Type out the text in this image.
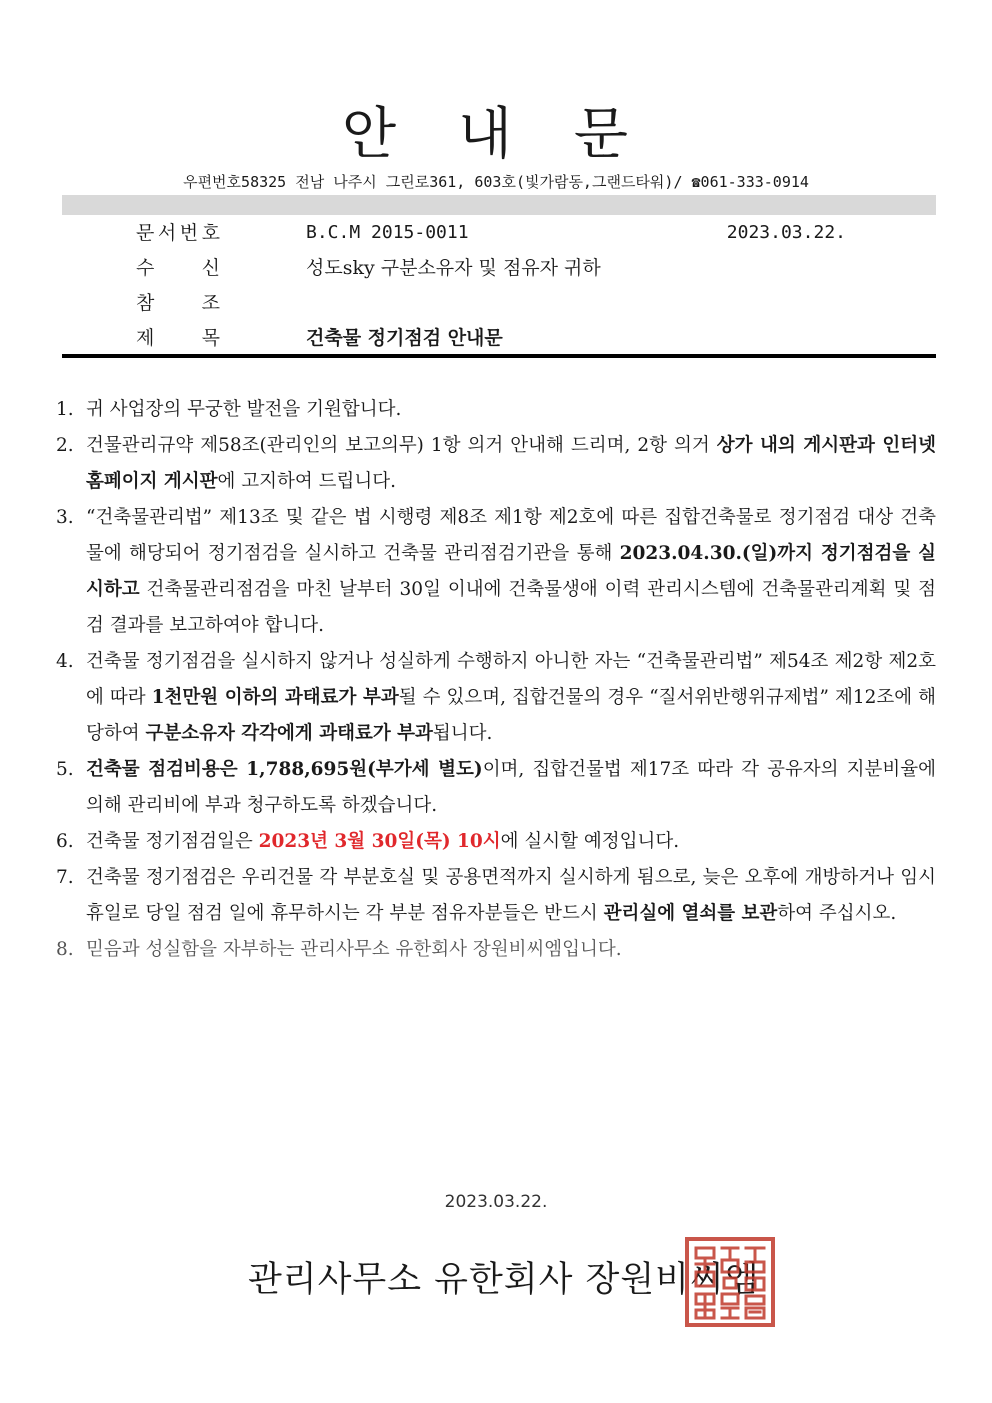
안 내 문
우편번호58325 전남 나주시 그린로361, 603호(빛가람동,그랜드타워)/ ☎061-333-0914
문 서 번 호	B.C.M 2015-0011	2023.03.22.
수 신	성도sky 구분소유자 및 점유자 귀하
참 조
제 목	건축물 정기점검 안내문
1. 귀 사업장의 무궁한 발전을 기원합니다.
2. 건물관리규약 제58조(관리인의 보고의무) 1항 의거 안내해 드리며, 2항 의거 상가 내의 게시판과 인터넷 홈페이지 게시판에 고지하여 드립니다.
3. “건축물관리법” 제13조 및 같은 법 시행령 제8조 제1항 제2호에 따른 집합건축물로 정기점검 대상 건축물에 해당되어 정기점검을 실시하고 건축물 관리점검기관을 통해 2023.04.30.(일)까지 정기점검을 실시하고 건축물관리점검을 마친 날부터 30일 이내에 건축물생애 이력 관리시스템에 건축물관리계획 및 점검 결과를 보고하여야 합니다.
4. 건축물 정기점검을 실시하지 않거나 성실하게 수행하지 아니한 자는 “건축물관리법” 제54조 제2항 제2호에 따라 1천만원 이하의 과태료가 부과될 수 있으며, 집합건물의 경우 “질서위반행위규제법” 제12조에 해당하여 구분소유자 각각에게 과태료가 부과됩니다.
5. 건축물 점검비용은 1,788,695원(부가세 별도)이며, 집합건물법 제17조 따라 각 공유자의 지분비율에 의해 관리비에 부과 청구하도록 하겠습니다.
6. 건축물 정기점검일은 2023년 3월 30일(목) 10시에 실시할 예정입니다.
7. 건축물 정기점검은 우리건물 각 부분호실 및 공용면적까지 실시하게 됨으로, 늦은 오후에 개방하거나 임시휴일로 당일 점검 일에 휴무하시는 각 부분 점유자분들은 반드시 관리실에 열쇠를 보관하여 주십시오.
8. 믿음과 성실함을 자부하는 관리사무소 유한회사 장원비씨엠입니다.
2023.03.22.
관리사무소 유한회사 장원비씨엠
